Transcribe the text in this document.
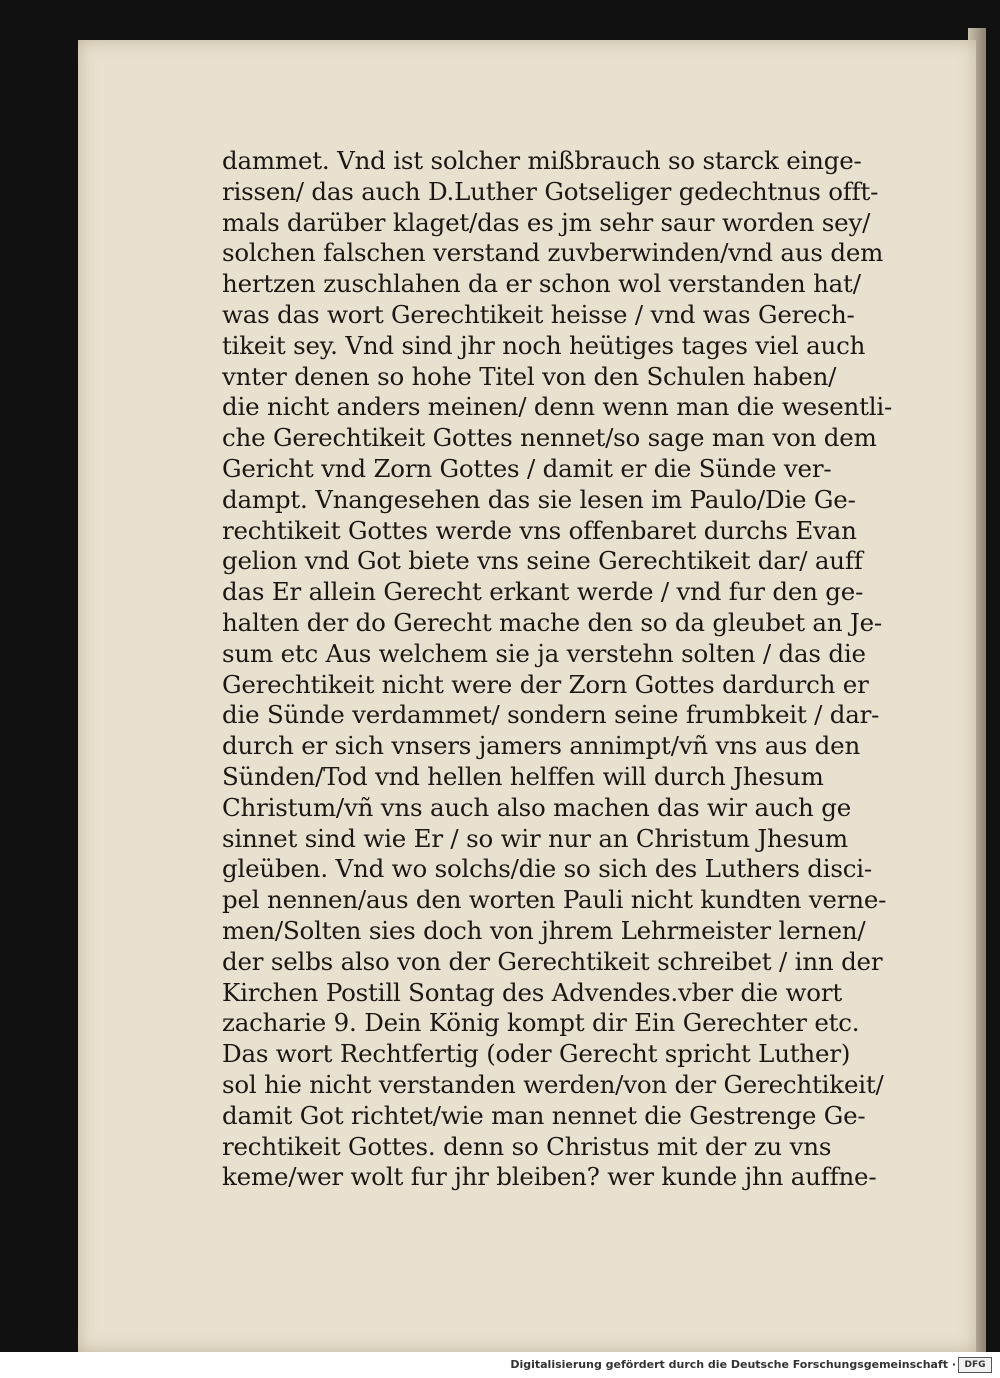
dammet. Vnd ist solcher mißbrauch so starck einge-
rissen/ das auch D.Luther Gotseliger gedechtnus offt-
mals darüber klaget/das es jm sehr saur worden sey/
solchen falschen verstand zuvberwinden/vnd aus dem
hertzen zuschlahen da er schon wol verstanden hat/
was das wort Gerechtikeit heisse / vnd was Gerech-
tikeit sey. Vnd sind jhr noch heütiges tages viel auch
vnter denen so hohe Titel von den Schulen haben/
die nicht anders meinen/ denn wenn man die wesentli-
che Gerechtikeit Gottes nennet/so sage man von dem
Gericht vnd Zorn Gottes / damit er die Sünde ver-
dampt. Vnangesehen das sie lesen im Paulo/Die Ge-
rechtikeit Gottes werde vns offenbaret durchs Evan
gelion vnd Got biete vns seine Gerechtikeit dar/ auff
das Er allein Gerecht erkant werde / vnd fur den ge-
halten der do Gerecht mache den so da gleubet an Je-
sum etc Aus welchem sie ja verstehn solten / das die
Gerechtikeit nicht were der Zorn Gottes dardurch er
die Sünde verdammet/ sondern seine frumbkeit / dar-
durch er sich vnsers jamers annimpt/vñ vns aus den
Sünden/Tod vnd hellen helffen will durch Jhesum
Christum/vñ vns auch also machen das wir auch ge
sinnet sind wie Er / so wir nur an Christum Jhesum
gleüben. Vnd wo solchs/die so sich des Luthers disci-
pel nennen/aus den worten Pauli nicht kundten verne-
men/Solten sies doch von jhrem Lehrmeister lernen/
der selbs also von der Gerechtikeit schreibet / inn der
Kirchen Postill Sontag des Advendes.vber die wort
zacharie 9. Dein König kompt dir Ein Gerechter etc.
Das wort Rechtfertig (oder Gerecht spricht Luther)
sol hie nicht verstanden werden/von der Gerechtikeit/
damit Got richtet/wie man nennet die Gestrenge Ge-
rechtikeit Gottes. denn so Christus mit der zu vns
keme/wer wolt fur jhr bleiben? wer kunde jhn auffne-
Digitalisierung gefördert durch die Deutsche Forschungsgemeinschaft · DFG
